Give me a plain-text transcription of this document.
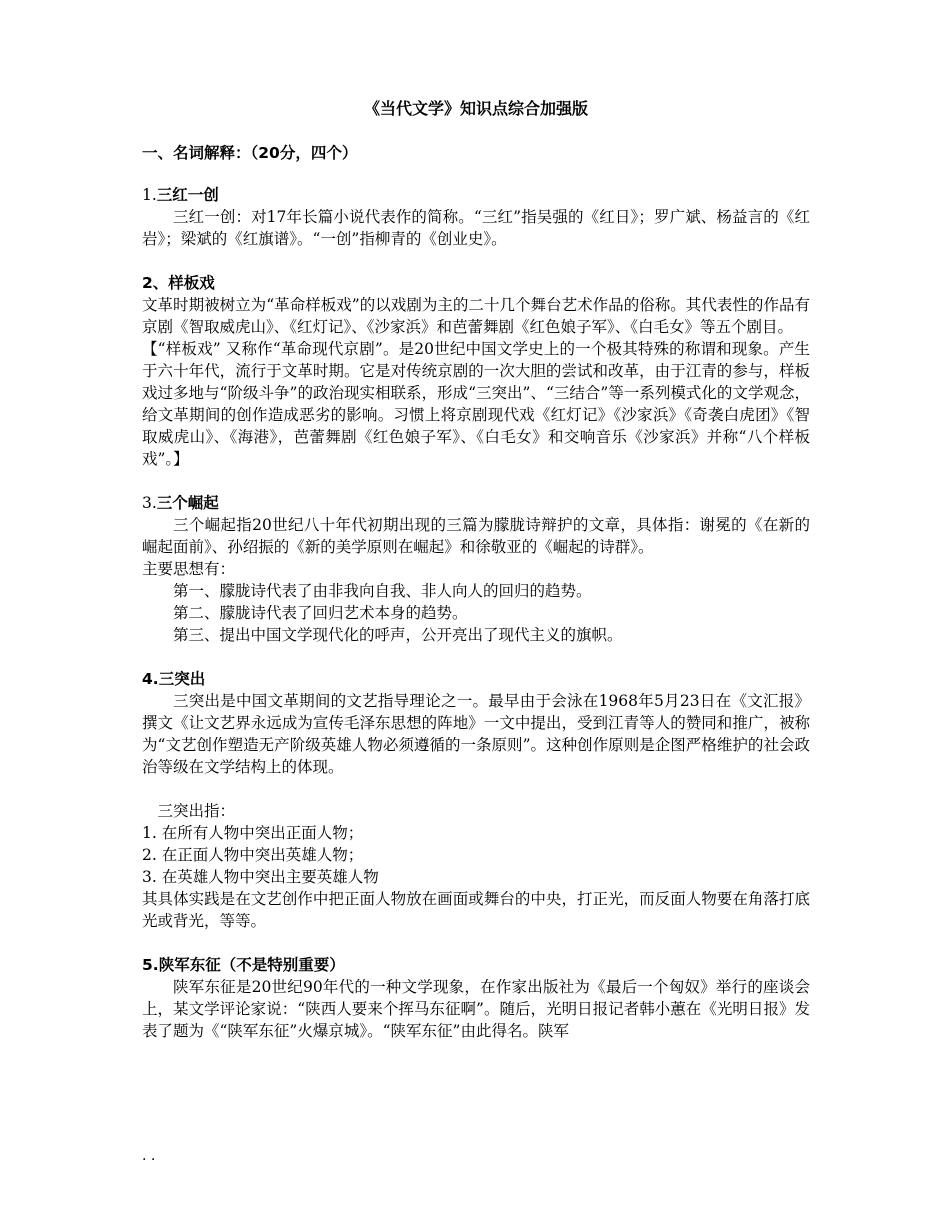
《当代文学》知识点综合加强版
一、名词解释：（20分，四个）
1.三红一创

三红一创：对17年长篇小说代表作的简称。“三红”指吴强的《红日》；罗广斌、杨益言的《红岩》；梁斌的《红旗谱》。“一创”指柳青的《创业史》。

2、样板戏

文革时期被树立为“革命样板戏”的以戏剧为主的二十几个舞台艺术作品的俗称。其代表性的作品有京剧《智取威虎山》、《红灯记》、《沙家浜》和芭蕾舞剧《红色娘子军》、《白毛女》等五个剧目。

【“样板戏” 又称作“革命现代京剧”。是20世纪中国文学史上的一个极其特殊的称谓和现象。产生于六十年代，流行于文革时期。它是对传统京剧的一次大胆的尝试和改革，由于江青的参与，样板戏过多地与“阶级斗争”的政治现实相联系，形成“三突出”、“三结合”等一系列模式化的文学观念，给文革期间的创作造成恶劣的影响。习惯上将京剧现代戏《红灯记》《沙家浜》《奇袭白虎团》《智取威虎山》、《海港》，芭蕾舞剧《红色娘子军》、《白毛女》和交响音乐《沙家浜》并称“八个样板戏”。】

3.三个崛起

三个崛起指20世纪八十年代初期出现的三篇为朦胧诗辩护的文章，具体指：谢冕的《在新的崛起面前》、孙绍振的《新的美学原则在崛起》和徐敬亚的《崛起的诗群》。

主要思想有：

第一、朦胧诗代表了由非我向自我、非人向人的回归的趋势。

第二、朦胧诗代表了回归艺术本身的趋势。

第三、提出中国文学现代化的呼声，公开亮出了现代主义的旗帜。

4.三突出

三突出是中国文革期间的文艺指导理论之一。最早由于会泳在1968年5月23日在《文汇报》撰文《让文艺界永远成为宣传毛泽东思想的阵地》一文中提出，受到江青等人的赞同和推广，被称为“文艺创作塑造无产阶级英雄人物必须遵循的一条原则”。这种创作原则是企图严格维护的社会政治等级在文学结构上的体现。

三突出指：

1. 在所有人物中突出正面人物；

2. 在正面人物中突出英雄人物；

3. 在英雄人物中突出主要英雄人物

其具体实践是在文艺创作中把正面人物放在画面或舞台的中央，打正光，而反面人物要在角落打底光或背光，等等。

5.陕军东征（不是特别重要）

陕军东征是20世纪90年代的一种文学现象，在作家出版社为《最后一个匈奴》举行的座谈会上，某文学评论家说：“陕西人要来个挥马东征啊”。随后，光明日报记者韩小蕙在《光明日报》发表了题为《“陕军东征”火爆京城》。“陕军东征”由此得名。陕军

. .
